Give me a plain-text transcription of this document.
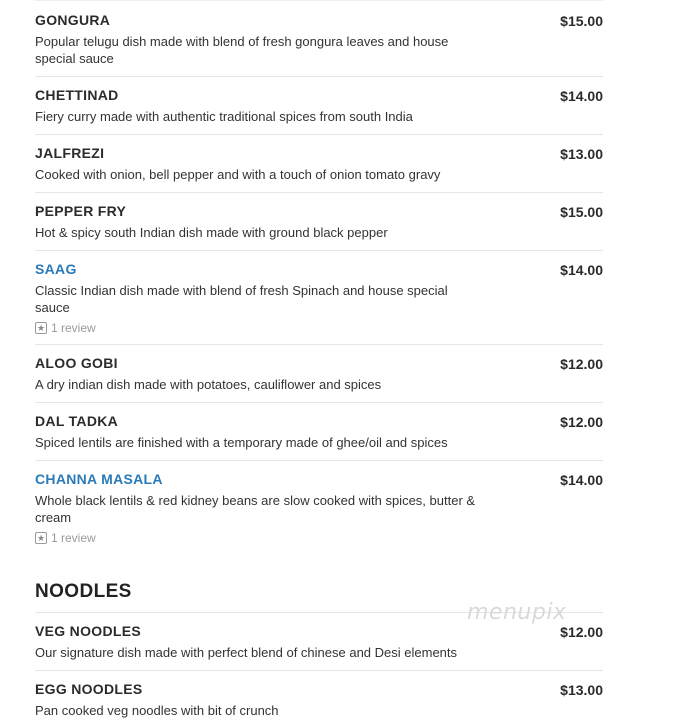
GONGURA	$15.00
Popular telugu dish made with blend of fresh gongura leaves and house special sauce
CHETTINAD	$14.00
Fiery curry made with authentic traditional spices from south India
JALFREZI	$13.00
Cooked with onion, bell pepper and with a touch of onion tomato gravy
PEPPER FRY	$15.00
Hot & spicy south Indian dish made with ground black pepper
SAAG	$14.00
Classic Indian dish made with blend of fresh Spinach and house special sauce
★ 1 review
ALOO GOBI	$12.00
A dry indian dish made with potatoes, cauliflower and spices
DAL TADKA	$12.00
Spiced lentils are finished with a temporary made of ghee/oil and spices
CHANNA MASALA	$14.00
Whole black lentils & red kidney beans are slow cooked with spices, butter & cream
★ 1 review
NOODLES
VEG NOODLES	$12.00
Our signature dish made with perfect blend of chinese and Desi elements
EGG NOODLES	$13.00
Pan cooked veg noodles with bit of crunch
menupix
